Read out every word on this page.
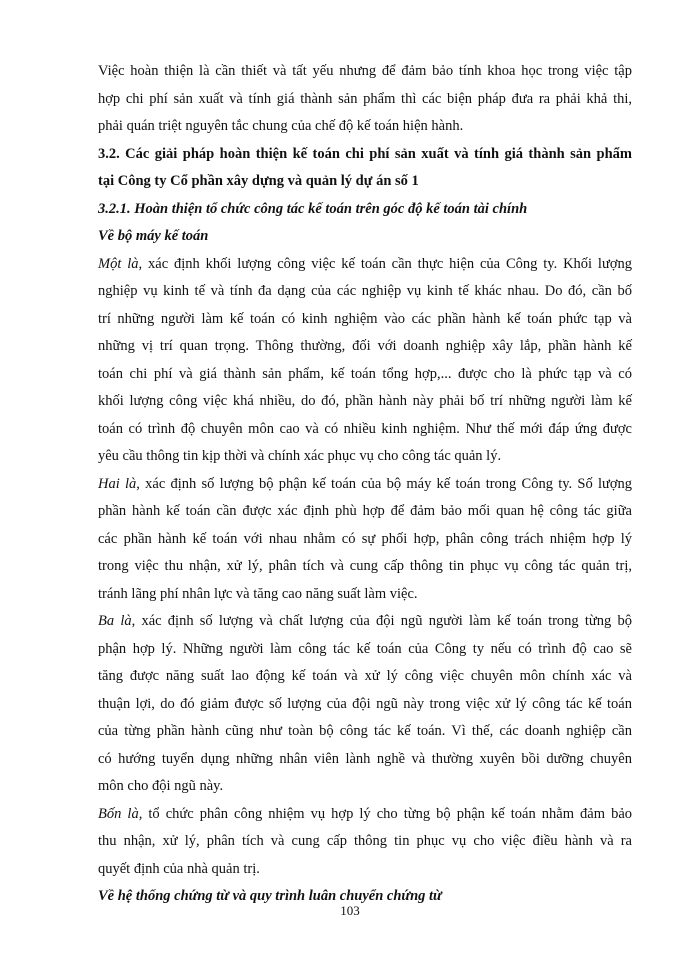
Việc hoàn thiện là cần thiết và tất yếu nhưng để đảm bảo tính khoa học trong việc tập
hợp chi phí sản xuất và tính giá thành sản phẩm thì các biện pháp đưa ra phải khả thi,
phải quán triệt nguyên tắc chung của chế độ kế toán hiện hành.
3.2. Các giải pháp hoàn thiện kế toán chi phí sản xuất và tính giá thành sản phẩm
tại Công ty Cổ phần xây dựng và quản lý dự án số 1
3.2.1. Hoàn thiện tổ chức công tác kế toán trên góc độ kế toán tài chính
Về bộ máy kế toán
Một là, xác định khối lượng công việc kế toán cần thực hiện của Công ty. Khối lượng
nghiệp vụ kinh tế và tính đa dạng của các nghiệp vụ kinh tế khác nhau. Do đó, cần bố
trí những người làm kế toán có kinh nghiệm vào các phần hành kế toán phức tạp và
những vị trí quan trọng. Thông thường, đối với doanh nghiệp xây lắp, phần hành kế
toán chi phí và giá thành sản phẩm, kế toán tổng hợp,... được cho là phức tạp và có
khối lượng công việc khá nhiều, do đó, phần hành này phải bố trí những người làm kế
toán có trình độ chuyên môn cao và có nhiều kinh nghiệm. Như thế mới đáp ứng được
yêu cầu thông tin kịp thời và chính xác phục vụ cho công tác quản lý.
Hai là, xác định số lượng bộ phận kế toán của bộ máy kế toán trong Công ty. Số lượng
phần hành kế toán cần được xác định phù hợp để đảm bảo mối quan hệ công tác giữa
các phần hành kế toán với nhau nhằm có sự phối hợp, phân công trách nhiệm hợp lý
trong việc thu nhận, xử lý, phân tích và cung cấp thông tin phục vụ công tác quản trị,
tránh lãng phí nhân lực và tăng cao năng suất làm việc.
Ba là, xác định số lượng và chất lượng của đội ngũ người làm kế toán trong từng bộ
phận hợp lý. Những người làm công tác kế toán của Công ty nếu có trình độ cao sẽ
tăng được năng suất lao động kế toán và xử lý công việc chuyên môn chính xác và
thuận lợi, do đó giảm được số lượng của đội ngũ này trong việc xử lý công tác kế toán
của từng phần hành cũng như toàn bộ công tác kế toán. Vì thế, các doanh nghiệp cần
có hướng tuyển dụng những nhân viên lành nghề và thường xuyên bồi dưỡng chuyên
môn cho đội ngũ này.
Bốn là, tổ chức phân công nhiệm vụ hợp lý cho từng bộ phận kế toán nhằm đảm bảo
thu nhận, xử lý, phân tích và cung cấp thông tin phục vụ cho việc điều hành và ra
quyết định của nhà quản trị.
Về hệ thống chứng từ và quy trình luân chuyển chứng từ
103
